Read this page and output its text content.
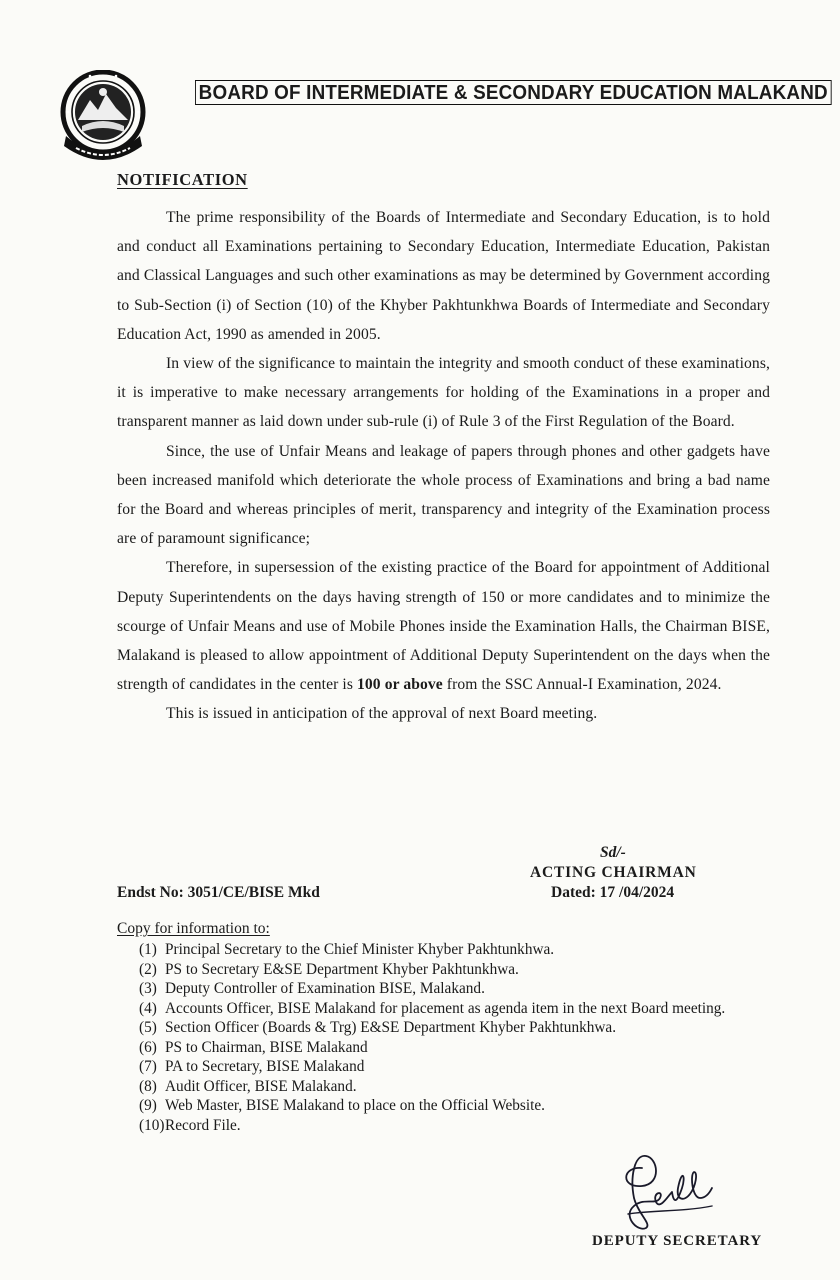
BOARD OF INTERMEDIATE & SECONDARY EDUCATION MALAKAND
NOTIFICATION

The prime responsibility of the Boards of Intermediate and Secondary Education, is to hold and conduct all Examinations pertaining to Secondary Education, Intermediate Education, Pakistan and Classical Languages and such other examinations as may be determined by Government according to Sub-Section (i) of Section (10) of the Khyber Pakhtunkhwa Boards of Intermediate and Secondary Education Act, 1990 as amended in 2005.

In view of the significance to maintain the integrity and smooth conduct of these examinations, it is imperative to make necessary arrangements for holding of the Examinations in a proper and transparent manner as laid down under sub-rule (i) of Rule 3 of the First Regulation of the Board.

Since, the use of Unfair Means and leakage of papers through phones and other gadgets have been increased manifold which deteriorate the whole process of Examinations and bring a bad name for the Board and whereas principles of merit, transparency and integrity of the Examination process are of paramount significance;

Therefore, in supersession of the existing practice of the Board for appointment of Additional Deputy Superintendents on the days having strength of 150 or more candidates and to minimize the scourge of Unfair Means and use of Mobile Phones inside the Examination Halls, the Chairman BISE, Malakand is pleased to allow appointment of Additional Deputy Superintendent on the days when the strength of candidates in the center is 100 or above from the SSC Annual-I Examination, 2024.

This is issued in anticipation of the approval of next Board meeting.

Sd/-
ACTING CHAIRMAN
Endst No: 3051/CE/BISE Mkd	Dated: 17 /04/2024
Copy for information to:
(1) Principal Secretary to the Chief Minister Khyber Pakhtunkhwa.
(2) PS to Secretary E&SE Department Khyber Pakhtunkhwa.
(3) Deputy Controller of Examination BISE, Malakand.
(4) Accounts Officer, BISE Malakand for placement as agenda item in the next Board meeting.
(5) Section Officer (Boards & Trg) E&SE Department Khyber Pakhtunkhwa.
(6) PS to Chairman, BISE Malakand
(7) PA to Secretary, BISE Malakand
(8) Audit Officer, BISE Malakand.
(9) Web Master, BISE Malakand to place on the Official Website.
(10) Record File.
DEPUTY SECRETARY
